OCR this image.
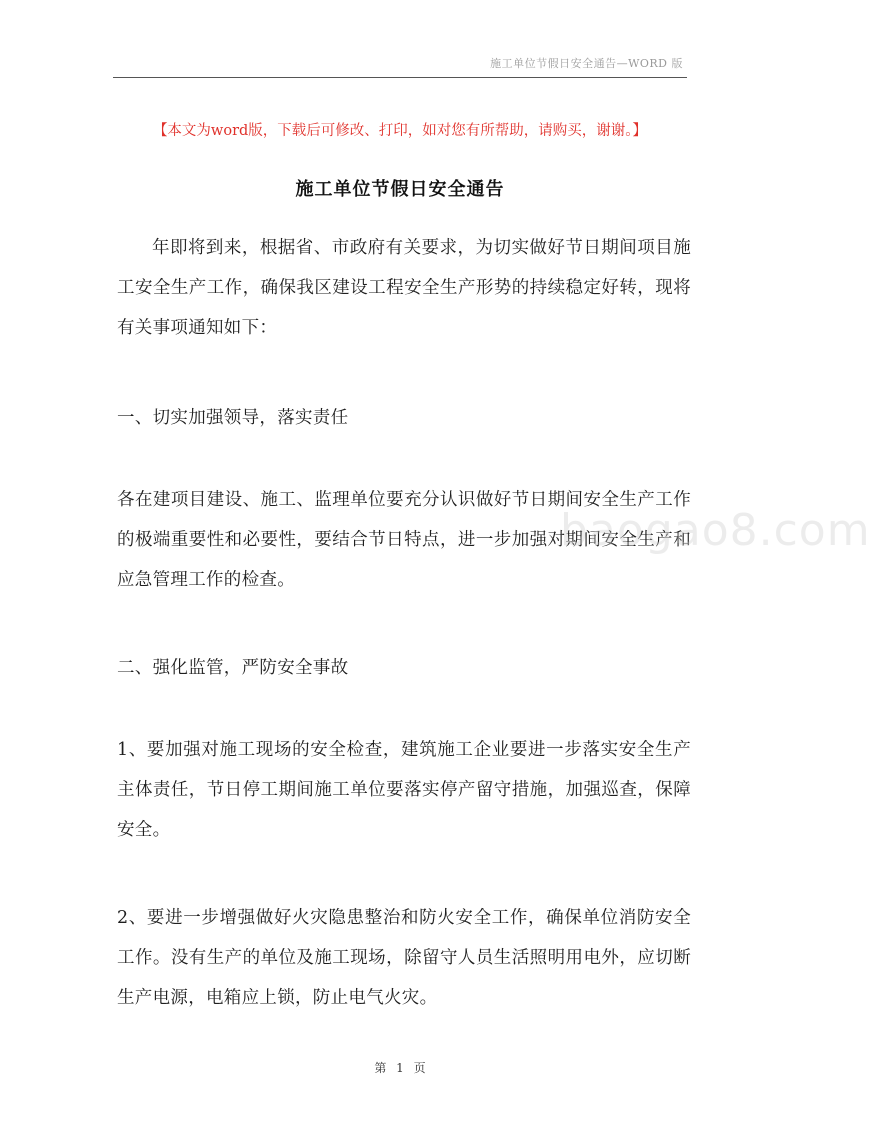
施工单位节假日安全通告—WORD 版
【本文为word版，下载后可修改、打印，如对您有所帮助，请购买，谢谢。】
施工单位节假日安全通告
年即将到来，根据省、市政府有关要求，为切实做好节日期间项目施工安全生产工作，确保我区建设工程安全生产形势的持续稳定好转，现将有关事项通知如下：
一、切实加强领导，落实责任
各在建项目建设、施工、监理单位要充分认识做好节日期间安全生产工作的极端重要性和必要性，要结合节日特点，进一步加强对期间安全生产和应急管理工作的检查。
二、强化监管，严防安全事故
1、要加强对施工现场的安全检查，建筑施工企业要进一步落实安全生产主体责任，节日停工期间施工单位要落实停产留守措施，加强巡查，保障安全。
2、要进一步增强做好火灾隐患整治和防火安全工作，确保单位消防安全工作。没有生产的单位及施工现场，除留守人员生活照明用电外，应切断生产电源，电箱应上锁，防止电气火灾。
baogao8.com
第 1 页
